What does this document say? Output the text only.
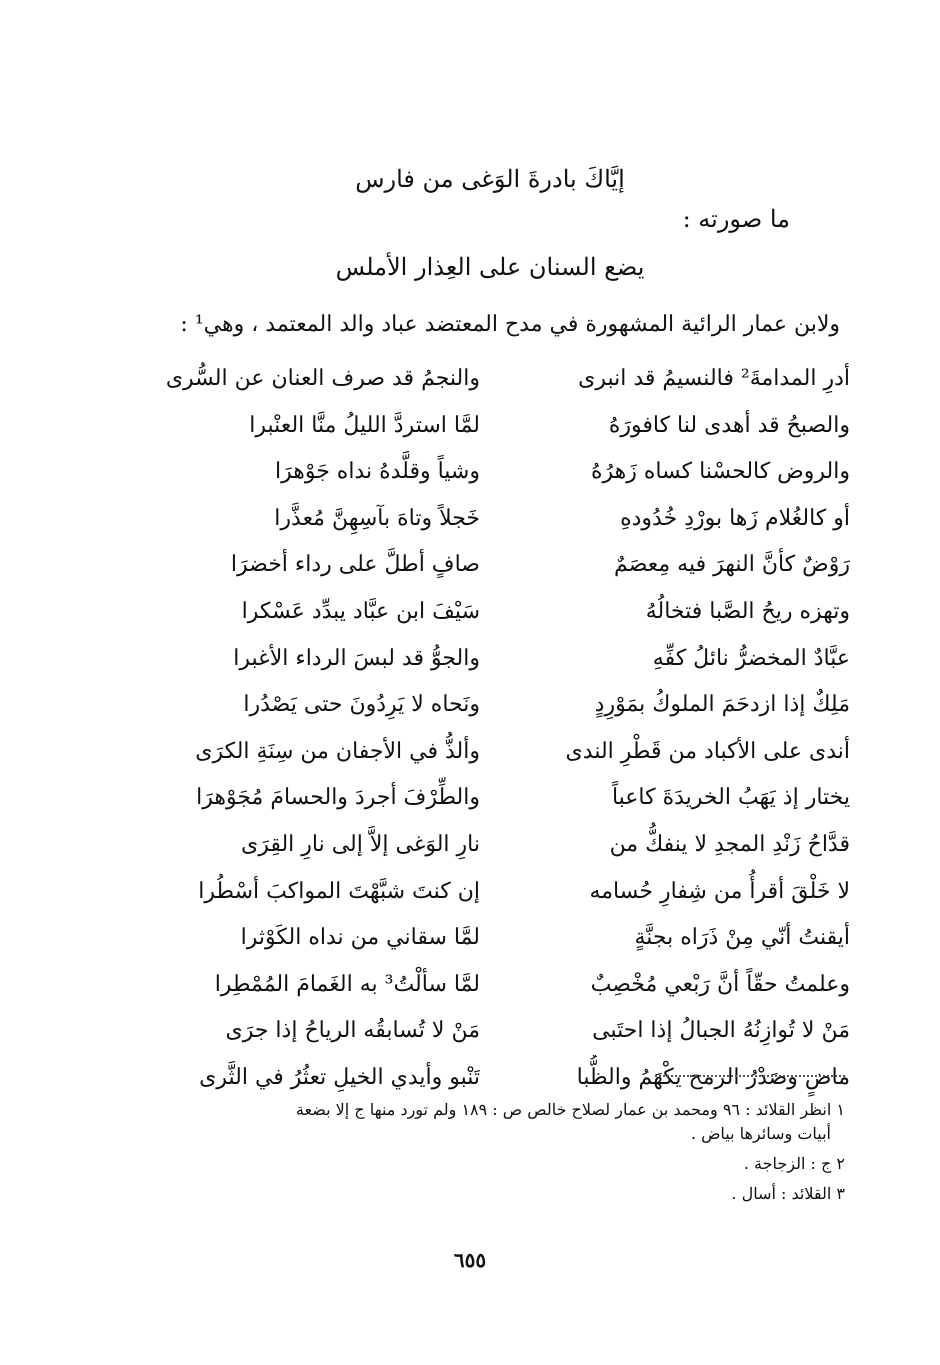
إيَّاكَ بادرةَ الوَغى من فارس
ما صورته :
يضع السنان على العِذار الأملس
ولابن عمار الرائية المشهورة في مدح المعتضد عباد والد المعتمد ، وهي¹ :
أدرِ المدامةَ² فالنسيمُ قد انبرى
والنجمُ قد صرف العنان عن السُّرى
والصبحُ قد أهدى لنا كافورَهُ
لمَّا استردَّ الليلُ منَّا العنْبرا
والروض كالحسْنا كساه زَهرُهُ
وشياً وقلَّدهُ نداه جَوْهرَا
أو كالغُلام زَها بورْدِ خُدُودهِ
خَجلاً وتاهَ بآسِهِنَّ مُعذَّرا
رَوْضٌ كأنَّ النهرَ فيه مِعصَمٌ
صافٍ أطلَّ على رداء أخضرَا
وتهزه ريحُ الصَّبا فتخالُهُ
سَيْفَ ابن عبَّاد يبدِّد عَسْكرا
عبَّادٌ المخضرُّ نائلُ كفِّهِ
والجوُّ قد لبسَ الرداء الأغبرا
مَلِكٌ إذا ازدحَمَ الملوكُ بمَوْرِدٍ
ونَحاه لا يَرِدُونَ حتى يَصْدُرا
أندى على الأكباد من قَطْرِ الندى
وألذُّ في الأجفان من سِنَةِ الكرَى
يختار إذ يَهَبُ الخريدَةَ كاعباً
والطِّرْفَ أجردَ والحسامَ مُجَوْهرَا
قدَّاحُ زَنْدِ المجدِ لا ينفكُّ من
نارِ الوَغى إلاَّ إلى نارِ القِرَى
لا خَلْقَ أقرأُ من شِفارِ حُسامه
إن كنتَ شبَّهْتَ المواكبَ أسْطُرا
أيقنتُ أنّي مِنْ ذَرَاه بجنَّةٍ
لمَّا سقاني من نداه الكَوْثرا
وعلمتُ حقّاً أنَّ رَبْعي مُخْصِبٌ
لمَّا سألْتُ³ به الغَمامَ المُمْطِرا
مَنْ لا تُوازِنُهُ الجبالُ إذا احتَبى
مَنْ لا تُسابقُه الرياحُ إذا جرَى
ماضٍ وصَدْرُ الرمح يكْهَمُ والظُّبا
تَنْبو وأيدي الخيلِ تعثُرُ في الثَّرى
١ انظر القلائد : ٩٦ ومحمد بن عمار لصلاح خالص ص : ١٨٩ ولم تورد منها ج إلا بضعة
أبيات وسائرها بياض .
٢ ج : الزجاجة .
٣ القلائد : أسال .
٦٥٥
